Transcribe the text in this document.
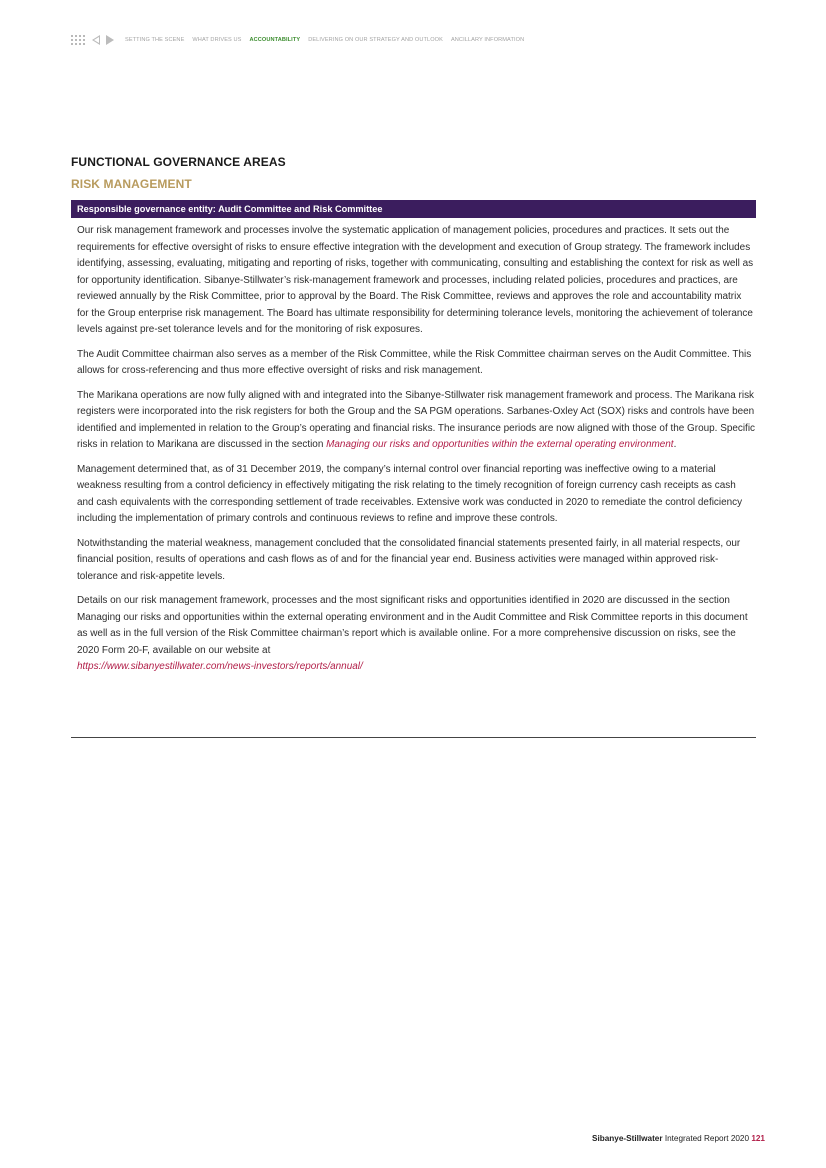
SETTING THE SCENE WHAT DRIVES US ACCOUNTABILITY DELIVERING ON OUR STRATEGY AND OUTLOOK ANCILLARY INFORMATION
FUNCTIONAL GOVERNANCE AREAS
RISK MANAGEMENT
Responsible governance entity: Audit Committee and Risk Committee

Our risk management framework and processes involve the systematic application of management policies, procedures and practices. It sets out the requirements for effective oversight of risks to ensure effective integration with the development and execution of Group strategy. The framework includes identifying, assessing, evaluating, mitigating and reporting of risks, together with communicating, consulting and establishing the context for risk as well as for opportunity identification. Sibanye-Stillwater’s risk-management framework and processes, including related policies, procedures and practices, are reviewed annually by the Risk Committee, prior to approval by the Board. The Risk Committee, reviews and approves the role and accountability matrix for the Group enterprise risk management. The Board has ultimate responsibility for determining tolerance levels, monitoring the achievement of tolerance levels against pre-set tolerance levels and for the monitoring of risk exposures.

The Audit Committee chairman also serves as a member of the Risk Committee, while the Risk Committee chairman serves on the Audit Committee. This allows for cross-referencing and thus more effective oversight of risks and risk management.

The Marikana operations are now fully aligned with and integrated into the Sibanye-Stillwater risk management framework and process. The Marikana risk registers were incorporated into the risk registers for both the Group and the SA PGM operations. Sarbanes-Oxley Act (SOX) risks and controls have been identified and implemented in relation to the Group’s operating and financial risks. The insurance periods are now aligned with those of the Group. Specific risks in relation to Marikana are discussed in the section Managing our risks and opportunities within the external operating environment.

Management determined that, as of 31 December 2019, the company’s internal control over financial reporting was ineffective owing to a material weakness resulting from a control deficiency in effectively mitigating the risk relating to the timely recognition of foreign currency cash receipts as cash and cash equivalents with the corresponding settlement of trade receivables. Extensive work was conducted in 2020 to remediate the control deficiency including the implementation of primary controls and continuous reviews to refine and improve these controls.

Notwithstanding the material weakness, management concluded that the consolidated financial statements presented fairly, in all material respects, our financial position, results of operations and cash flows as of and for the financial year end. Business activities were managed within approved risk-tolerance and risk-appetite levels.

Details on our risk management framework, processes and the most significant risks and opportunities identified in 2020 are discussed in the section Managing our risks and opportunities within the external operating environment and in the Audit Committee and Risk Committee reports in this document as well as in the full version of the Risk Committee chairman’s report which is available online. For a more comprehensive discussion on risks, see the 2020 Form 20-F, available on our website at
https://www.sibanyestillwater.com/news-investors/reports/annual/

Sibanye-Stillwater Integrated Report 2020 121
